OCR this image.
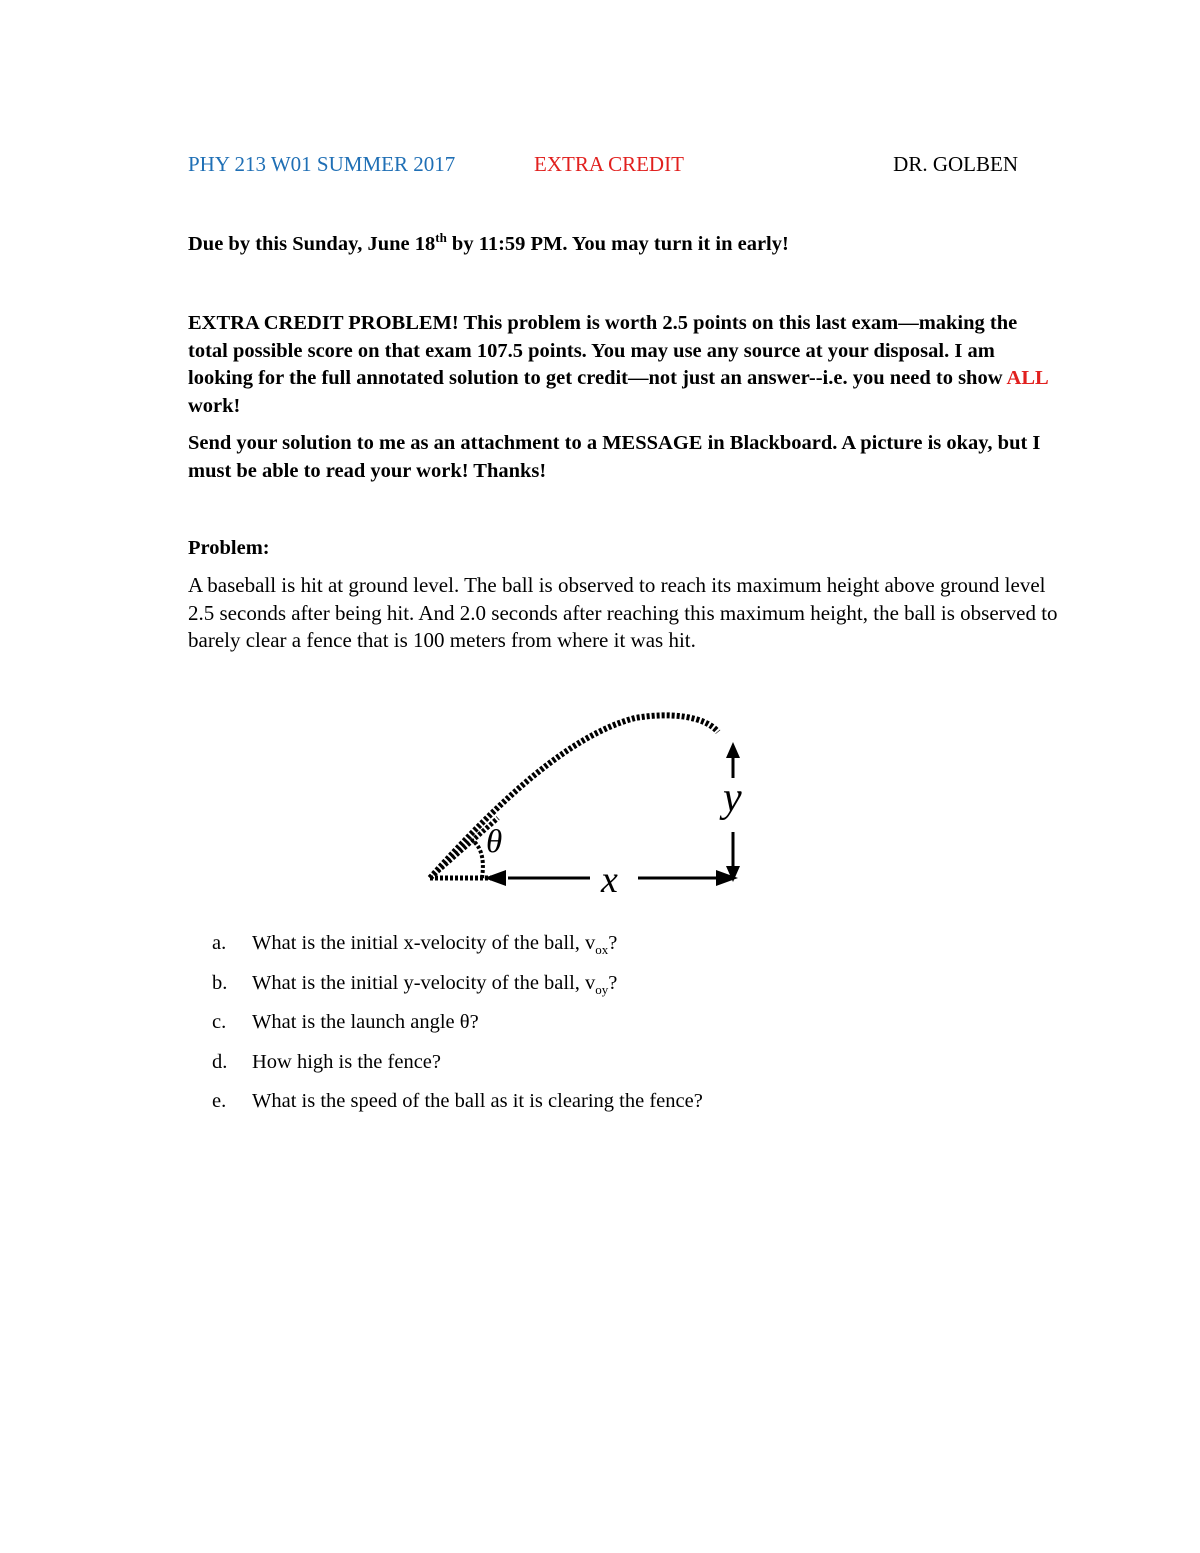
PHY 213 W01 SUMMER 2017	EXTRA CREDIT	DR. GOLBEN
Due by this Sunday, June 18th by 11:59 PM. You may turn it in early!
EXTRA CREDIT PROBLEM! This problem is worth 2.5 points on this last exam—making the total possible score on that exam 107.5 points. You may use any source at your disposal. I am looking for the full annotated solution to get credit—not just an answer--i.e. you need to show ALL work!
Send your solution to me as an attachment to a MESSAGE in Blackboard. A picture is okay, but I must be able to read your work! Thanks!
Problem:
A baseball is hit at ground level. The ball is observed to reach its maximum height above ground level 2.5 seconds after being hit. And 2.0 seconds after reaching this maximum height, the ball is observed to barely clear a fence that is 100 meters from where it was hit.
y
x
θ
a. What is the initial x-velocity of the ball, $v_{ox}$?
b. What is the initial y-velocity of the ball, $v_{oy}$?
c. What is the launch angle θ?
d. How high is the fence?
e. What is the speed of the ball as it is clearing the fence?
